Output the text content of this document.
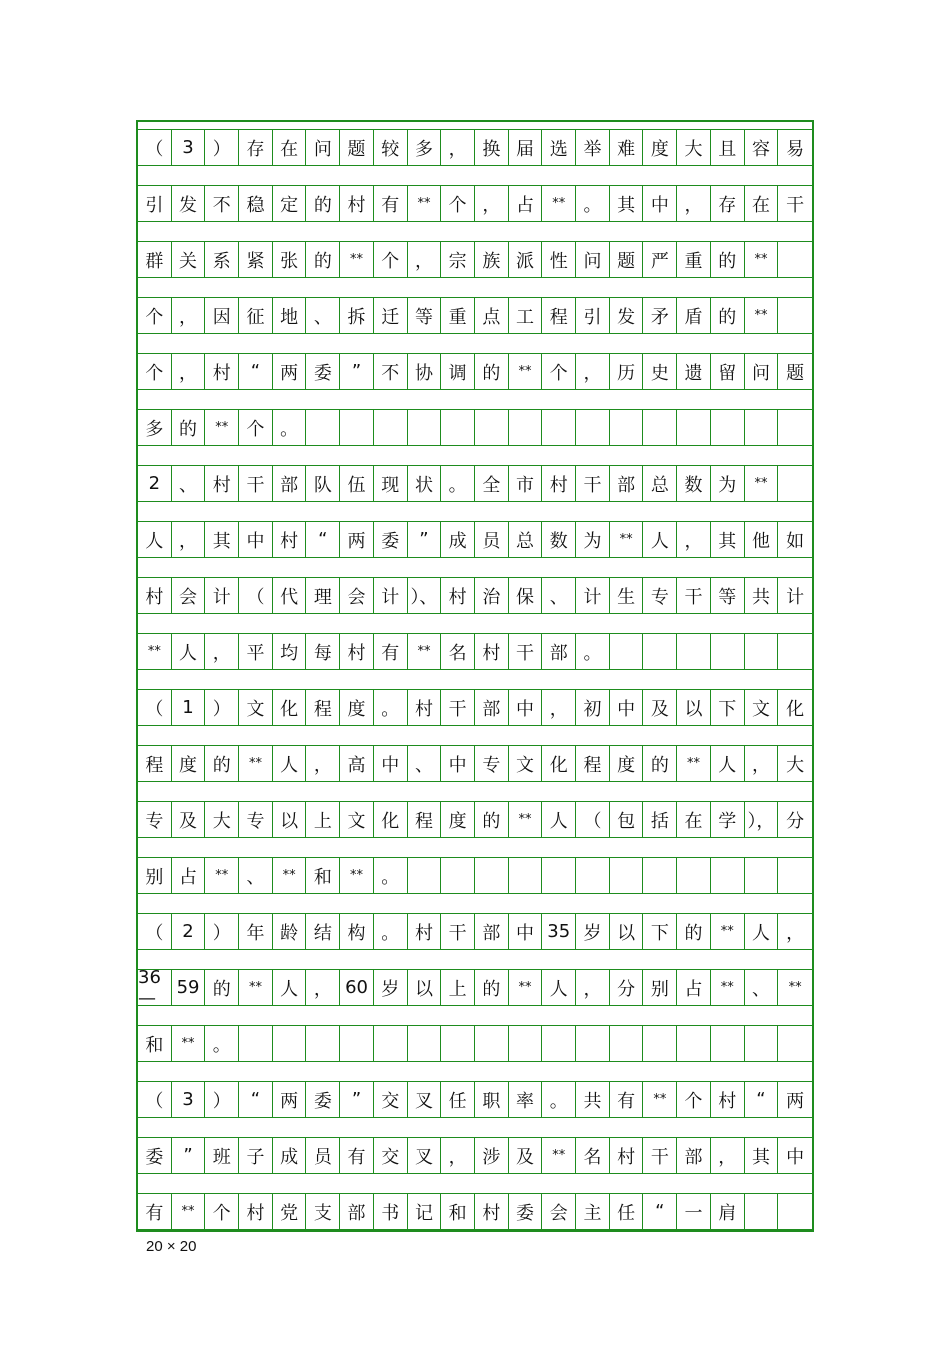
（	3	） 存 在 问 题 较 多 ， 换 届 选 举 难 度 大 且 容 易
引 发 不 稳 定 的 村 有	**	个 ， 占	**	。 其 中 ， 存 在 干
群 关 系 紧 张 的	**	个 ， 宗 族 派 性 问 题 严 重 的	**
个 ， 因 征 地 、 拆 迁 等 重 点 工 程 引 发 矛 盾 的	**
个 ， 村	“	两 委	”	不 协 调 的	**	个 ， 历 史 遗 留 问 题
多 的	**	个 。
2	、 村 干 部 队 伍 现 状 。 全 市 村 干 部 总 数 为	**
人 ， 其 中 村	“	两 委	”	成 员 总 数 为	**	人 ， 其 他 如
村 会 计 （ 代 理 会 计 ）、 村 治 保 、 计 生 专 干 等 共 计
**	人 ， 平 均 每 村 有	**	名 村 干 部 。
（	1	） 文 化 程 度 。 村 干 部 中 ， 初 中 及 以 下 文 化
程 度 的	**	人 ， 高 中 、 中 专 文 化 程 度 的	**	人 ， 大
专 及 大 专 以 上 文 化 程 度 的	**	人 （ 包 括 在 学 ）， 分
别 占	**	、	**	和	**	。
（	2	） 年 龄 结 构 。 村 干 部 中 35 岁 以 下 的	**	人 ，
36—	59 的	**	人 ， 60 岁 以 上 的	**	人 ， 分 别 占	**	、	**
和	**	。
（	3	）	“	两 委	”	交 叉 任 职 率 。 共 有	**	个 村	“	两
委	”	班 子 成 员 有 交 叉 ， 涉 及	**	名 村 干 部 ， 其 中
有	**	个 村 党 支 部 书 记 和 村 委 会 主 任	“	一 肩
20 × 20
